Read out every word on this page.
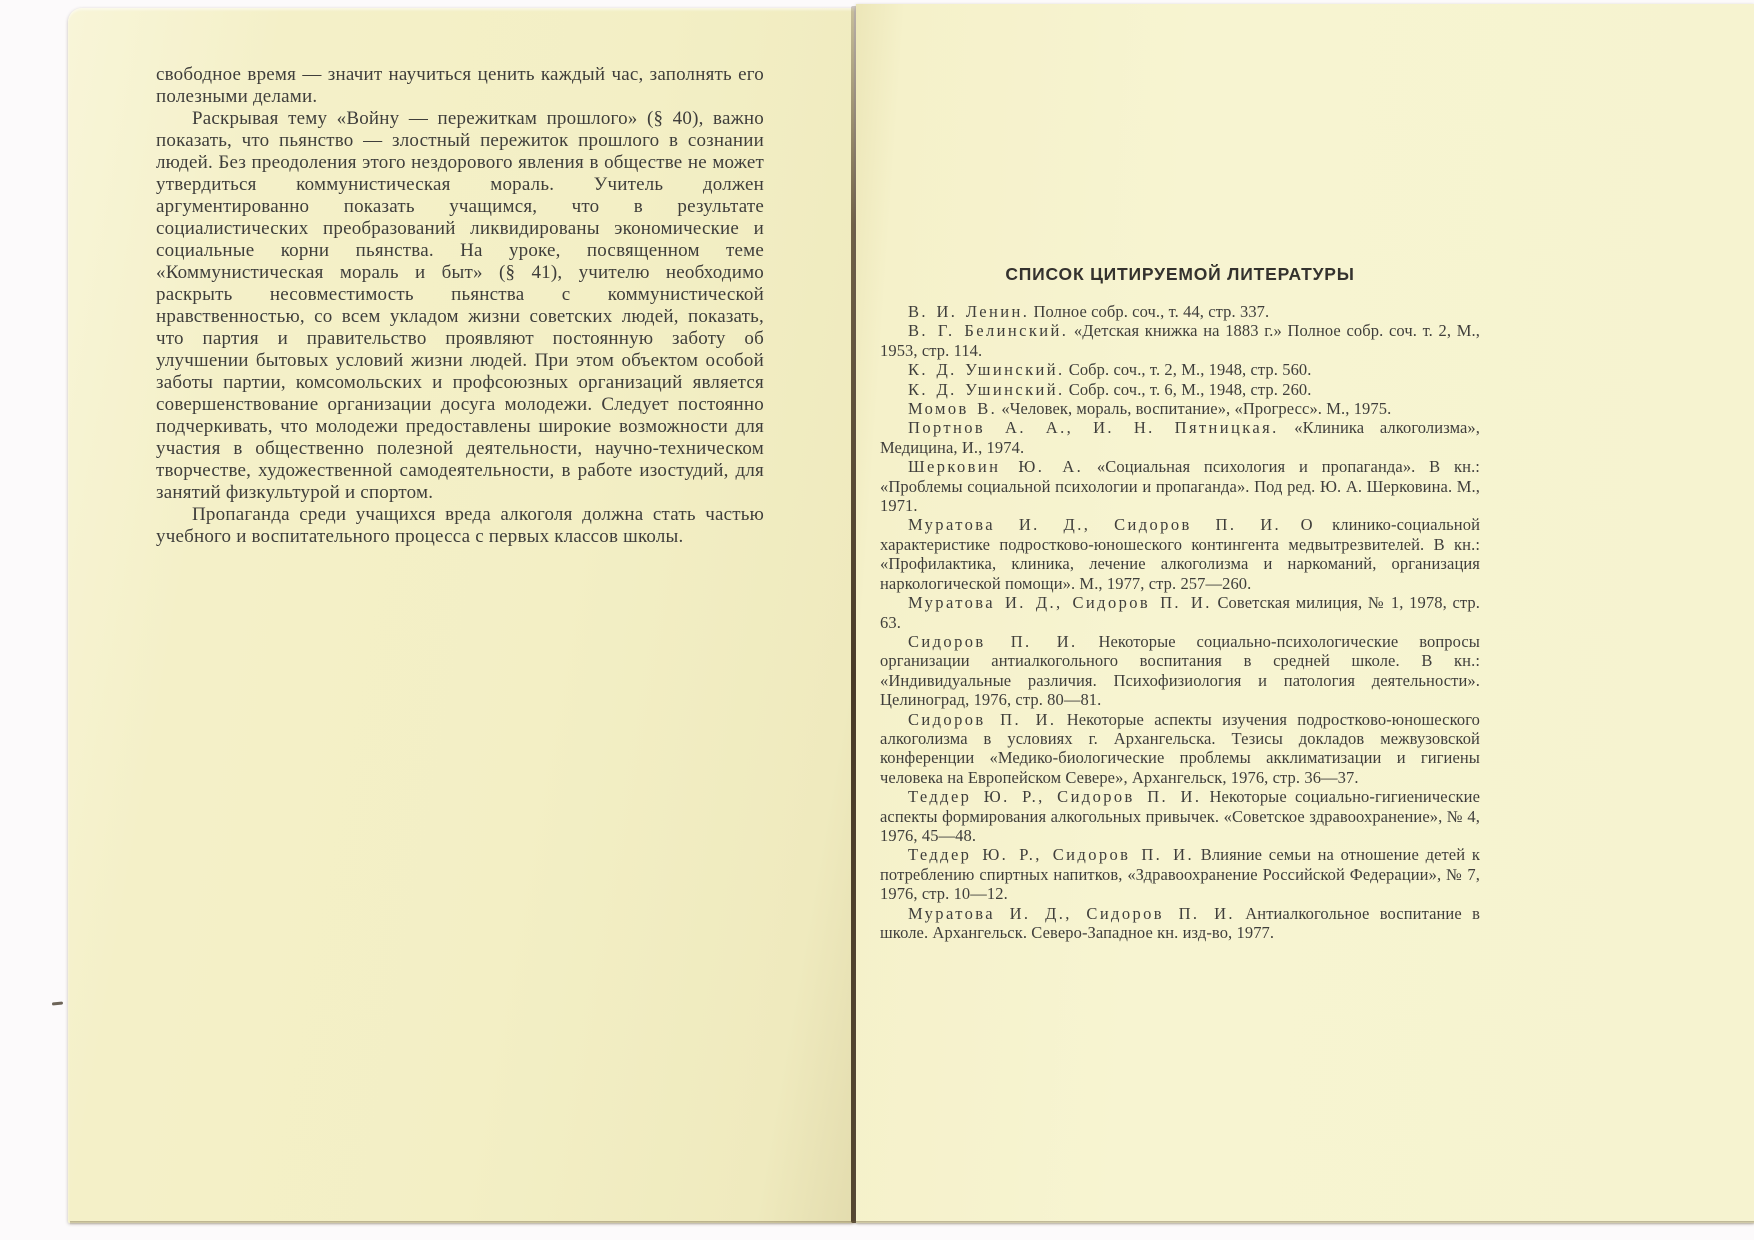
свободное время — значит научиться ценить каждый час, заполнять его полезными делами.

Раскрывая тему «Войну — пережиткам прошлого» (§ 40), важно показать, что пьянство — злостный пережиток прошлого в сознании людей. Без преодоления этого нездорового явления в обществе не может утвердиться коммунистическая мораль. Учитель должен аргументированно показать учащимся, что в результате социалистических преобразований ликвидированы экономические и социальные корни пьянства. На уроке, посвященном теме «Коммунистическая мораль и быт» (§ 41), учителю необходимо раскрыть несовместимость пьянства с коммунистической нравственностью, со всем укладом жизни советских людей, показать, что партия и правительство проявляют постоянную заботу об улучшении бытовых условий жизни людей. При этом объектом особой заботы партии, комсомольских и профсоюзных организаций является совершенствование организации досуга молодежи. Следует постоянно подчеркивать, что молодежи предоставлены широкие возможности для участия в общественно полезной деятельности, научно-техническом творчестве, художественной самодеятельности, в работе изостудий, для занятий физкультурой и спортом.

Пропаганда среди учащихся вреда алкоголя должна стать частью учебного и воспитательного процесса с первых классов школы.

СПИСОК ЦИТИРУЕМОЙ ЛИТЕРАТУРЫ

В. И. Ленин. Полное собр. соч., т. 44, стр. 337.

В. Г. Белинский. «Детская книжка на 1883 г.» Полное собр. соч. т. 2, М., 1953, стр. 114.

К. Д. Ушинский. Собр. соч., т. 2, М., 1948, стр. 560.

К. Д. Ушинский. Собр. соч., т. 6, М., 1948, стр. 260.

Момов В. «Человек, мораль, воспитание», «Прогресс». М., 1975.

Портнов А. А., И. Н. Пятницкая. «Клиника алкоголизма», Медицина, И., 1974.

Шерковин Ю. А. «Социальная психология и пропаганда». В кн.: «Проблемы социальной психологии и пропаганда». Под ред. Ю. А. Шерковина. М., 1971.

Муратова И. Д., Сидоров П. И. О клинико-социальной характеристике подростково-юношеского контингента медвытрезвителей. В кн.: «Профилактика, клиника, лечение алкоголизма и наркоманий, организация наркологической помощи». М., 1977, стр. 257—260.

Муратова И. Д., Сидоров П. И. Советская милиция, № 1, 1978, стр. 63.

Сидоров П. И. Некоторые социально-психологические вопросы организации антиалкогольного воспитания в средней школе. В кн.: «Индивидуальные различия. Психофизиология и патология деятельности». Целиноград, 1976, стр. 80—81.

Сидоров П. И. Некоторые аспекты изучения подростково-юношеского алкоголизма в условиях г. Архангельска. Тезисы докладов межвузовской конференции «Медико-биологические проблемы акклиматизации и гигиены человека на Европейском Севере», Архангельск, 1976, стр. 36—37.

Теддер Ю. Р., Сидоров П. И. Некоторые социально-гигиенические аспекты формирования алкогольных привычек. «Советское здравоохранение», № 4, 1976, 45—48.

Теддер Ю. Р., Сидоров П. И. Влияние семьи на отношение детей к потреблению спиртных напитков, «Здравоохранение Российской Федерации», № 7, 1976, стр. 10—12.

Муратова И. Д., Сидоров П. И. Антиалкогольное воспитание в школе. Архангельск. Северо-Западное кн. изд-во, 1977.
